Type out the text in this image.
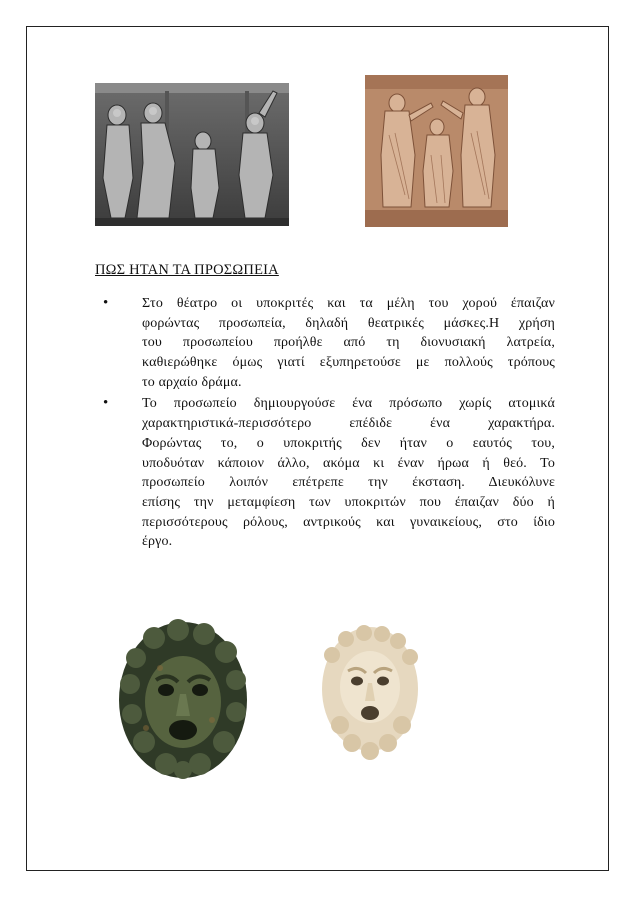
ΠΩΣ ΗΤΑΝ ΤΑ ΠΡΟΣΩΠΕΙΑ
• Στο θέατρο οι υποκριτές και τα μέλη του χορού έπαιζαν
φορώντας προσωπεία, δηλαδή θεατρικές μάσκες.Η χρήση
του προσωπείου προήλθε από τη διονυσιακή λατρεία,
καθιερώθηκε όμως γιατί εξυπηρετούσε με πολλούς τρόπους
το αρχαίο δράμα.
• Το προσωπείο δημιουργούσε ένα πρόσωπο χωρίς ατομικά
χαρακτηριστικά-περισσότερο επέδιδε ένα χαρακτήρα.
Φορώντας το, ο υποκριτής δεν ήταν ο εαυτός του,
υποδυόταν κάποιον άλλο, ακόμα κι έναν ήρωα ή θεό. Το
προσωπείο λοιπόν επέτρεπε την έκσταση. Διευκόλυνε
επίσης την μεταμφίεση των υποκριτών που έπαιζαν δύο ή
περισσότερους ρόλους, αντρικούς και γυναικείους, στο ίδιο
έργο.
